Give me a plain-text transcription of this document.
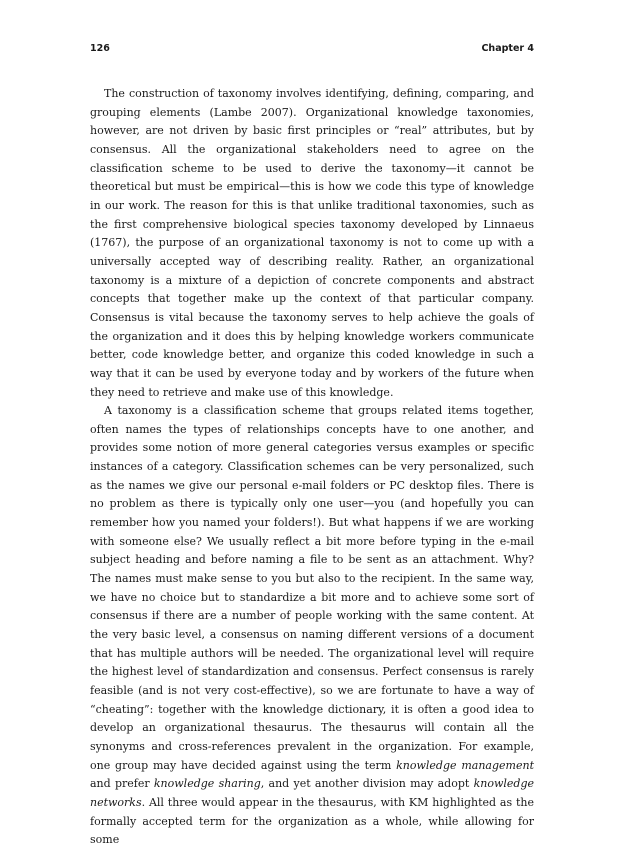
126	Chapter 4

The construction of taxonomy involves identifying, defining, comparing, and grouping elements (Lambe 2007). Organizational knowledge taxonomies, however, are not driven by basic first principles or “real” attributes, but by consensus. All the organizational stakeholders need to agree on the classification scheme to be used to derive the taxonomy—it cannot be theoretical but must be empirical—this is how we code this type of knowledge in our work. The reason for this is that unlike traditional taxonomies, such as the first comprehensive biological species taxonomy developed by Linnaeus (1767), the purpose of an organizational taxonomy is not to come up with a universally accepted way of describing reality. Rather, an organizational taxonomy is a mixture of a depiction of concrete components and abstract concepts that together make up the context of that particular company. Consensus is vital because the taxonomy serves to help achieve the goals of the organization and it does this by helping knowledge workers communicate better, code knowledge better, and organize this coded knowledge in such a way that it can be used by everyone today and by workers of the future when they need to retrieve and make use of this knowledge.

A taxonomy is a classification scheme that groups related items together, often names the types of relationships concepts have to one another, and provides some notion of more general categories versus examples or specific instances of a category. Classification schemes can be very personalized, such as the names we give our personal e-mail folders or PC desktop files. There is no problem as there is typically only one user—you (and hopefully you can remember how you named your folders!). But what happens if we are working with someone else? We usually reflect a bit more before typing in the e-mail subject heading and before naming a file to be sent as an attachment. Why? The names must make sense to you but also to the recipient. In the same way, we have no choice but to standardize a bit more and to achieve some sort of consensus if there are a number of people working with the same content. At the very basic level, a consensus on naming different versions of a document that has multiple authors will be needed. The organizational level will require the highest level of standardization and consensus. Perfect consensus is rarely feasible (and is not very cost-effective), so we are fortunate to have a way of “cheating”: together with the knowledge dictionary, it is often a good idea to develop an organizational thesaurus. The thesaurus will contain all the synonyms and cross-references prevalent in the organization. For example, one group may have decided against using the term knowledge management and prefer knowledge sharing, and yet another division may adopt knowledge networks. All three would appear in the thesaurus, with KM highlighted as the formally accepted term for the organization as a whole, while allowing for some
